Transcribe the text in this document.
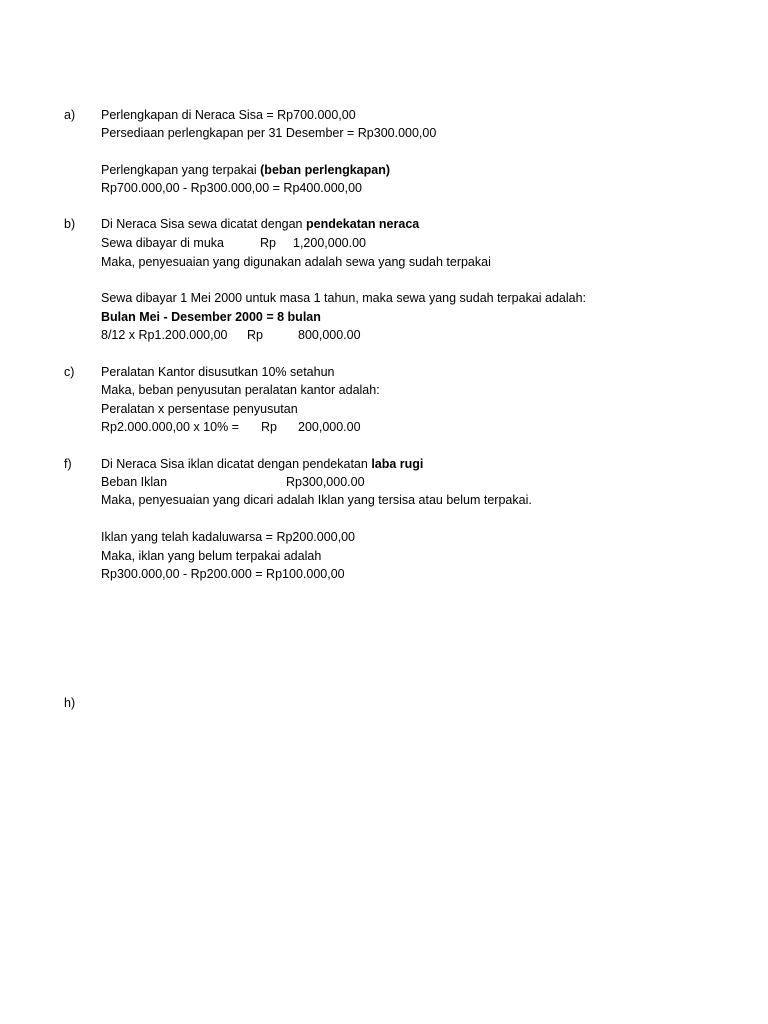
a) Perlengkapan di Neraca Sisa = Rp700.000,00
Persediaan perlengkapan per 31 Desember = Rp300.000,00
Perlengkapan yang terpakai (beban perlengkapan)
Rp700.000,00 - Rp300.000,00 = Rp400.000,00
b) Di Neraca Sisa sewa dicatat dengan pendekatan neraca
Sewa dibayar di muka	Rp 1,200,000.00
Maka, penyesuaian yang digunakan adalah sewa yang sudah terpakai
Sewa dibayar 1 Mei 2000 untuk masa 1 tahun, maka sewa yang sudah terpakai adalah:
Bulan Mei - Desember 2000 = 8 bulan
8/12 x Rp1.200.000,00 Rp	800,000.00
c) Peralatan Kantor disusutkan 10% setahun
Maka, beban penyusutan peralatan kantor adalah:
Peralatan x persentase penyusutan
Rp2.000.000,00 x 10% = Rp 200,000.00
f) Di Neraca Sisa iklan dicatat dengan pendekatan laba rugi
Beban Iklan	Rp300,000.00
Maka, penyesuaian yang dicari adalah Iklan yang tersisa atau belum terpakai.
Iklan yang telah kadaluwarsa = Rp200.000,00
Maka, iklan yang belum terpakai adalah
Rp300.000,00 - Rp200.000 = Rp100.000,00
h)
